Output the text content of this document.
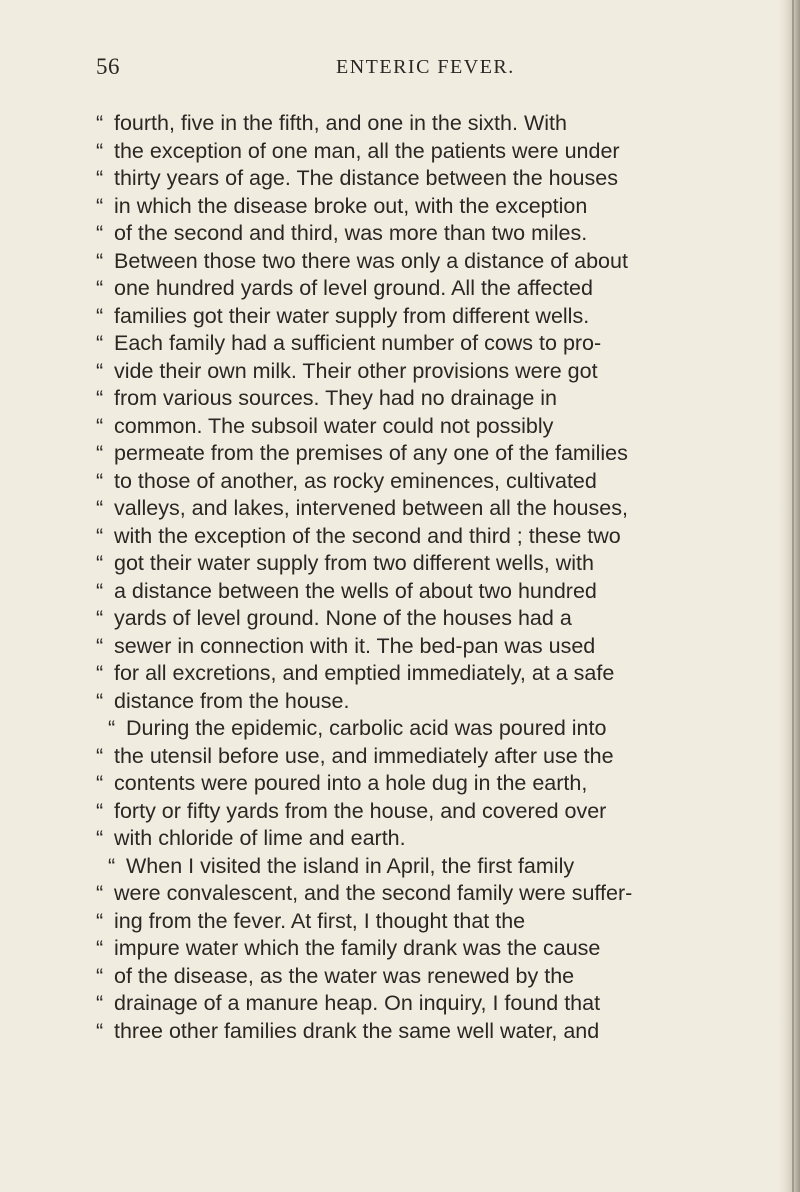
56	ENTERIC FEVER.
“ fourth, five in the fifth, and one in the sixth. With
“ the exception of one man, all the patients were under
“ thirty years of age. The distance between the houses
“ in which the disease broke out, with the exception
“ of the second and third, was more than two miles.
“ Between those two there was only a distance of about
“ one hundred yards of level ground. All the affected
“ families got their water supply from different wells.
“ Each family had a sufficient number of cows to pro-
“ vide their own milk. Their other provisions were got
“ from various sources. They had no drainage in
“ common. The subsoil water could not possibly
“ permeate from the premises of any one of the families
“ to those of another, as rocky eminences, cultivated
“ valleys, and lakes, intervened between all the houses,
“ with the exception of the second and third ; these two
“ got their water supply from two different wells, with
“ a distance between the wells of about two hundred
“ yards of level ground. None of the houses had a
“ sewer in connection with it. The bed-pan was used
“ for all excretions, and emptied immediately, at a safe
“ distance from the house.
“ During the epidemic, carbolic acid was poured into
“ the utensil before use, and immediately after use the
“ contents were poured into a hole dug in the earth,
“ forty or fifty yards from the house, and covered over
“ with chloride of lime and earth.
“ When I visited the island in April, the first family
“ were convalescent, and the second family were suffer-
“ ing from the fever. At first, I thought that the
“ impure water which the family drank was the cause
“ of the disease, as the water was renewed by the
“ drainage of a manure heap. On inquiry, I found that
“ three other families drank the same well water, and
